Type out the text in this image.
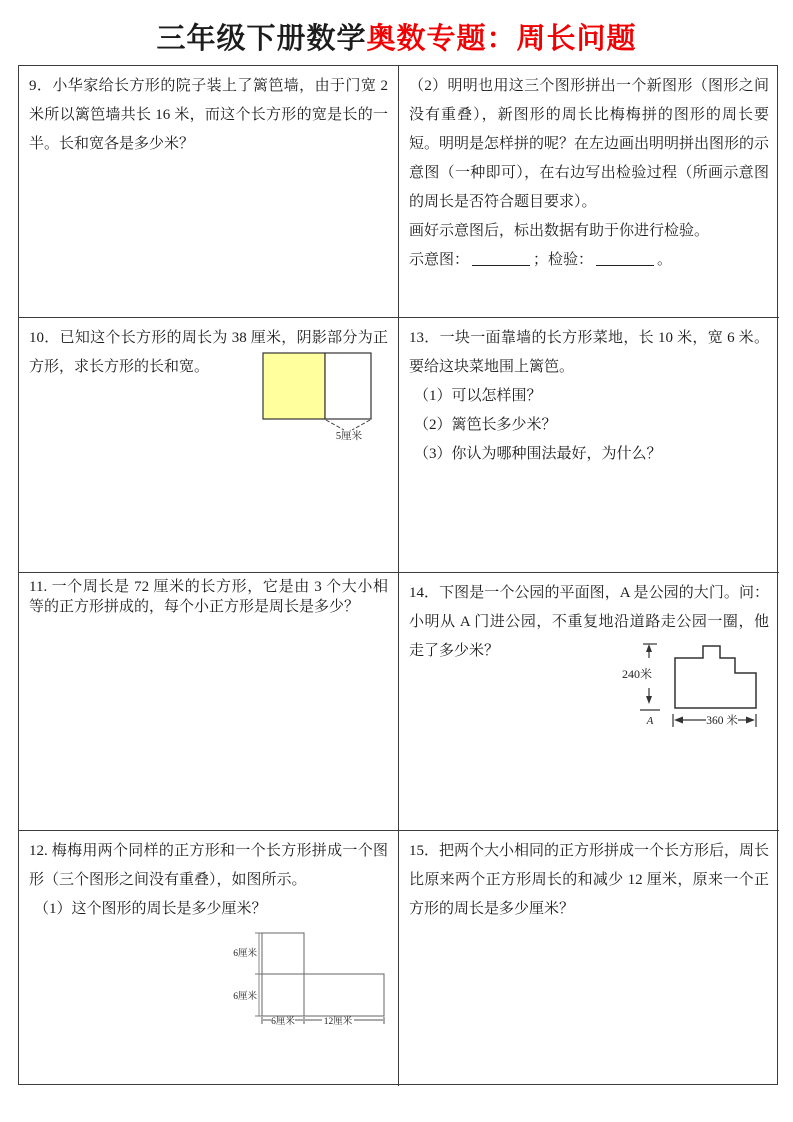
三年级下册数学奥数专题：周长问题

9．小华家给长方形的院子装上了篱笆墙，由于门宽 2 米所以篱笆墙共长 16 米，而这个长方形的宽是长的一半。长和宽各是多少米？

（2）明明也用这三个图形拼出一个新图形（图形之间没有重叠），新图形的周长比梅梅拼的图形的周长要短。明明是怎样拼的呢？在左边画出明明拼出图形的示意图（一种即可），在右边写出检验过程（所画示意图的周长是否符合题目要求）。

画好示意图后，标出数据有助于你进行检验。

示意图：	；检验：	。

10．已知这个长方形的周长为 38 厘米，阴影部分为正方形，求长方形的长和宽。

5厘米

13．一块一面靠墙的长方形菜地，长 10 米，宽 6 米。要给这块菜地围上篱笆。

（1）可以怎样围？

（2）篱笆长多少米？

（3）你认为哪种围法最好，为什么？

11. 一个周长是 72 厘米的长方形，它是由 3 个大小相等的正方形拼成的，每个小正方形是周长是多少？

14．下图是一个公园的平面图，A 是公园的大门。问：小明从 A 门进公园，不重复地沿道路走公园一圈，他走了多少米？

240米
A	360 米

12. 梅梅用两个同样的正方形和一个长方形拼成一个图形（三个图形之间没有重叠），如图所示。

（1）这个图形的周长是多少厘米？

6厘米
6厘米
6厘米	12厘米

15．把两个大小相同的正方形拼成一个长方形后，周长比原来两个正方形周长的和减少 12 厘米，原来一个正方形的周长是多少厘米？
